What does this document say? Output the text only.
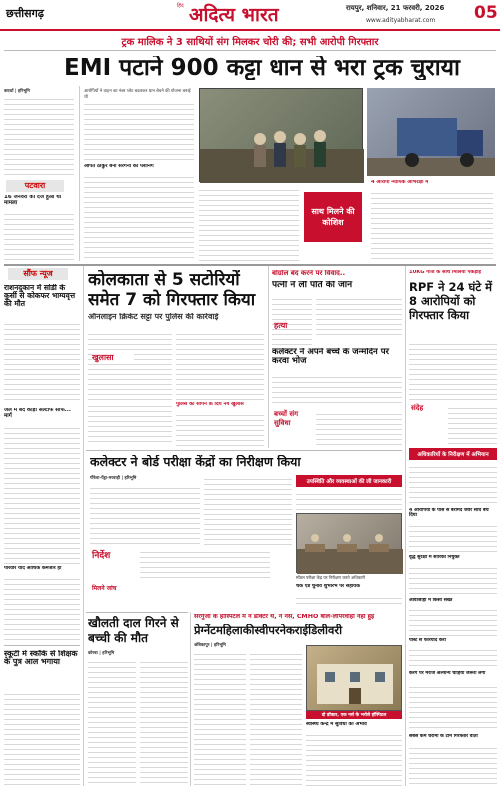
छत्तीसगढ़
हिंद अदित्य भारत	रायपुर, शनिवार, 21 फरवरी, 2026
www.adityabharat.com 05
ट्रक मालिक ने 3 साथियों संग मिलकर चोरी की; सभी आरोपी गिरफ्तार
EMI पटाने 900 कट्टा धान से भरा ट्रक चुराया
कवर्धा | हरिभूमि
पटवारा
16 जनवरी को दर्ज हुआ था मामला
आरोपियों ने वाहन का नंबर प्लेट बदलकर धान बेचने की योजना बनाई थी
अर्पित ठाकुर बना सरगना की प्लानिंग
साथ मिलने की कोशिश
4 आरोपी न्यायिक अभिरक्षा में
सौंफ न्यूज
राशनदुकान में सोडी के कुर्सी से कोकफर भाग्यवृत्त की मौत
जेल में बंद कोड़ा सल्टाफ सौंफे... मार्ग
परिवार यदि आर्थिक कमजोर हो
स्कूटी में स्कॉर्क से शिक्षक के पुत्र आल भगाया
कोलकाता से 5 सटोरियों समेत 7 को गिरफ्तार किया
ऑनलाइन क्रिकेट सट्टा पर पुलिस की कार्रवाई
खुलासा
पुलिस को सौंपने के दिये नये खुलासे
बोग्रॉल बंद करने पर विवाद..
पत्नी ने ली पति की जान
हत्या
कलेक्टर ने अपने बच्चे के जन्मदिन पर करवा भोज
बच्चों संग सुविधा
10KG गांजे के साथ मिलिया पकड़ाई
RPF ने 24 घंटे में 8 आरोपियों को गिरफ्तार किया
संदेह
अधिकारियों के निरीक्षण में अभियान
4 आरोपियों के पास से बरामद जेवर सीधे बेच दिया
वृद्ध सुरक्षा में सारिका नियुक्त
आवाजाही में किसी सख्त
पोस्ट से फरियाद करी
करेंगे पर मरीज अल्पान्य चाहिया जरूरी लगा
सबसे कम चरीमा के टीम गिरफ्तार वार्ता
कलेक्टर ने बोर्ड परीक्षा केंद्रों का निरीक्षण किया
गौरेला-पेंड्रा-मरवाही | हरिभूमि
निर्देश
उपस्थिति और व्यवस्थाओं की ली जानकारी
मॉडल परीक्षा केंद्र पर निरीक्षण करते अधिकारी
चेक एंड चुनाव शुभारंभ पर सहायक
मिलने जांच
खौलती दाल गिरने से बच्ची की मौत
कोरबा | हरिभूमि
सरगुजा के हॉस्पिटल में न डॉक्टर थे, न नर्स, CMHO बोले-लापरवाही नहीं हुई
प्रेग्नेंटमहिलाकीस्वीपरनेकराईडिलीवरी
अंबिकापुर | हरिभूमि
दो डॉक्टर, एक नर्स के भरोसे हॉस्पिटल
स्वास्थ्य केन्द्र में सुविधा का अभाव
